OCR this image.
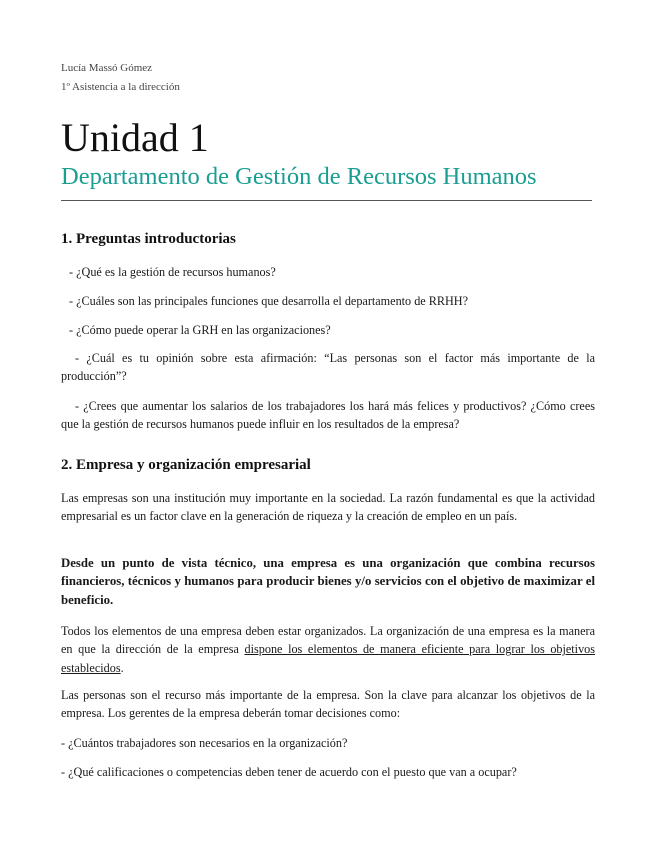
Lucía Massó Gómez
1º Asistencia a la dirección
Unidad 1
Departamento de Gestión de Recursos Humanos
1. Preguntas introductorias
- ¿Qué es la gestión de recursos humanos?
- ¿Cuáles son las principales funciones que desarrolla el departamento de RRHH?
- ¿Cómo puede operar la GRH en las organizaciones?
- ¿Cuál es tu opinión sobre esta afirmación: “Las personas son el factor más importante de la producción”?
- ¿Crees que aumentar los salarios de los trabajadores los hará más felices y productivos? ¿Cómo crees que la gestión de recursos humanos puede influir en los resultados de la empresa?
2. Empresa y organización empresarial
Las empresas son una institución muy importante en la sociedad. La razón fundamental es que la actividad empresarial es un factor clave en la generación de riqueza y la creación de empleo en un país.
Desde un punto de vista técnico, una empresa es una organización que combina recursos financieros, técnicos y humanos para producir bienes y/o servicios con el objetivo de maximizar el beneficio.
Todos los elementos de una empresa deben estar organizados. La organización de una empresa es la manera en que la dirección de la empresa dispone los elementos de manera eficiente para lograr los objetivos establecidos.
Las personas son el recurso más importante de la empresa. Son la clave para alcanzar los objetivos de la empresa. Los gerentes de la empresa deberán tomar decisiones como:
- ¿Cuántos trabajadores son necesarios en la organización?
- ¿Qué calificaciones o competencias deben tener de acuerdo con el puesto que van a ocupar?
